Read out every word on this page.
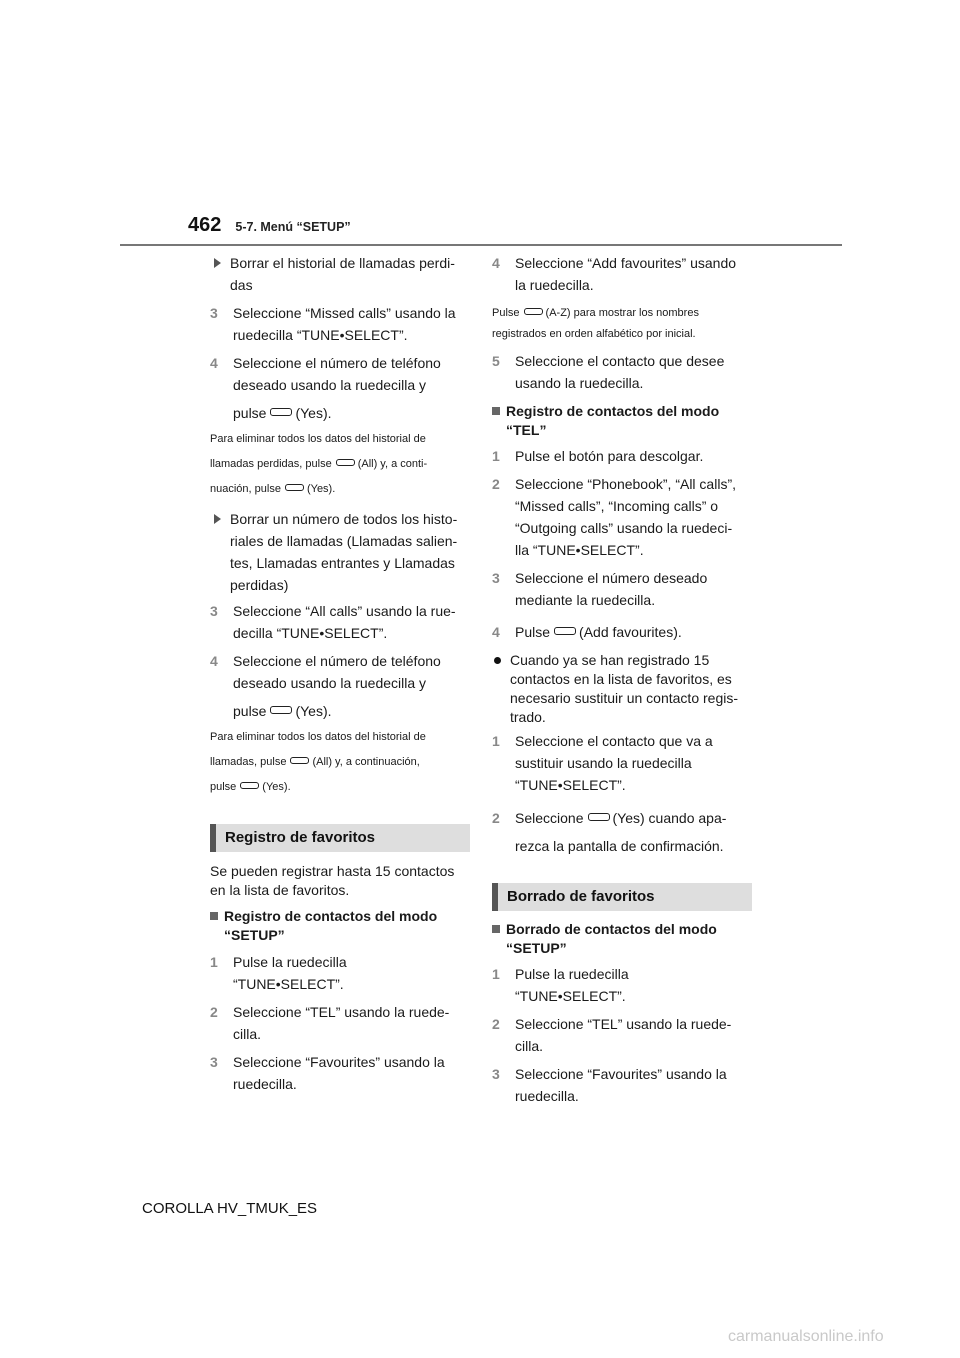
462 5-7. Menú “SETUP”
Borrar el historial de llamadas perdi-
das
3 Seleccione “Missed calls” usando la
ruedecilla “TUNE•SELECT”.
4 Seleccione el número de teléfono
deseado usando la ruedecilla y
pulse (Yes).
Para eliminar todos los datos del historial de
llamadas perdidas, pulse (All) y, a conti-
nuación, pulse (Yes).
Borrar un número de todos los histo-
riales de llamadas (Llamadas salien-
tes, Llamadas entrantes y Llamadas
perdidas)
3 Seleccione “All calls” usando la rue-
decilla “TUNE•SELECT”.
4 Seleccione el número de teléfono
deseado usando la ruedecilla y
pulse (Yes).
Para eliminar todos los datos del historial de
llamadas, pulse (All) y, a continuación,
pulse (Yes).
Registro de favoritos
Se pueden registrar hasta 15 contactos
en la lista de favoritos.
Registro de contactos del modo
“SETUP”
1 Pulse la ruedecilla
“TUNE•SELECT”.
2 Seleccione “TEL” usando la ruede-
cilla.
3 Seleccione “Favourites” usando la
ruedecilla.
4 Seleccione “Add favourites” usando
la ruedecilla.
Pulse (A-Z) para mostrar los nombres
registrados en orden alfabético por inicial.
5 Seleccione el contacto que desee
usando la ruedecilla.
Registro de contactos del modo
“TEL”
1 Pulse el botón para descolgar.
2 Seleccione “Phonebook”, “All calls”,
“Missed calls”, “Incoming calls” o
“Outgoing calls” usando la ruedeci-
lla “TUNE•SELECT”.
3 Seleccione el número deseado
mediante la ruedecilla.
4 Pulse (Add favourites).
Cuando ya se han registrado 15
contactos en la lista de favoritos, es
necesario sustituir un contacto regis-
trado.
1 Seleccione el contacto que va a
sustituir usando la ruedecilla
“TUNE•SELECT”.
2 Seleccione (Yes) cuando apa-
rezca la pantalla de confirmación.
Borrado de favoritos
Borrado de contactos del modo
“SETUP”
1 Pulse la ruedecilla
“TUNE•SELECT”.
2 Seleccione “TEL” usando la ruede-
cilla.
3 Seleccione “Favourites” usando la
ruedecilla.
COROLLA HV_TMUK_ES
carmanualsonline.info
